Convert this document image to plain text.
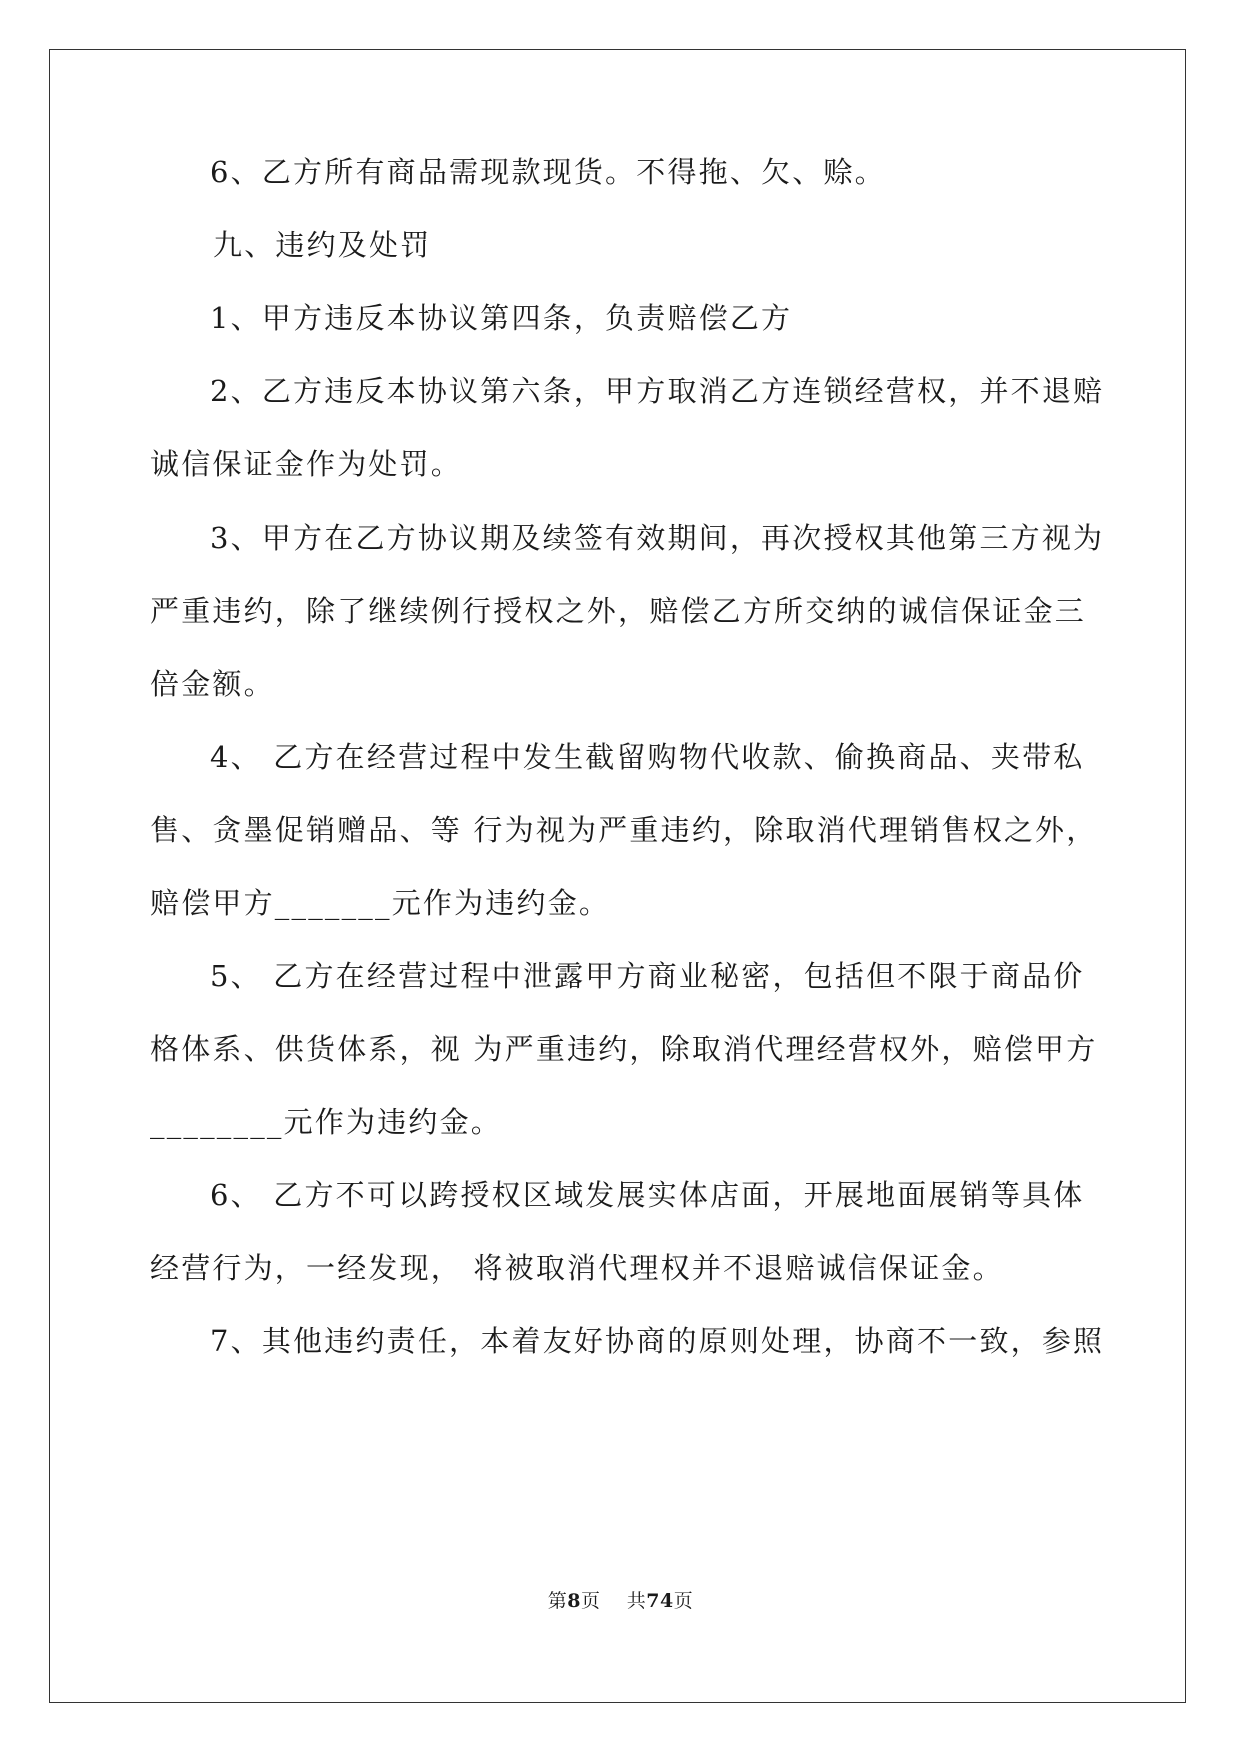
6、乙方所有商品需现款现货。不得拖、欠、赊。
九、违约及处罚
1、甲方违反本协议第四条，负责赔偿乙方
2、乙方违反本协议第六条，甲方取消乙方连锁经营权，并不退赔
诚信保证金作为处罚。
3、甲方在乙方协议期及续签有效期间，再次授权其他第三方视为
严重违约，除了继续例行授权之外，赔偿乙方所交纳的诚信保证金三
倍金额。
4、 乙方在经营过程中发生截留购物代收款、偷换商品、夹带私
售、贪墨促销赠品、等 行为视为严重违约，除取消代理销售权之外，
赔偿甲方_______元作为违约金。
5、 乙方在经营过程中泄露甲方商业秘密，包括但不限于商品价
格体系、供货体系，视 为严重违约，除取消代理经营权外，赔偿甲方
________元作为违约金。
6、 乙方不可以跨授权区域发展实体店面，开展地面展销等具体
经营行为，一经发现， 将被取消代理权并不退赔诚信保证金。
7、其他违约责任，本着友好协商的原则处理，协商不一致，参照
第8页 共74页
